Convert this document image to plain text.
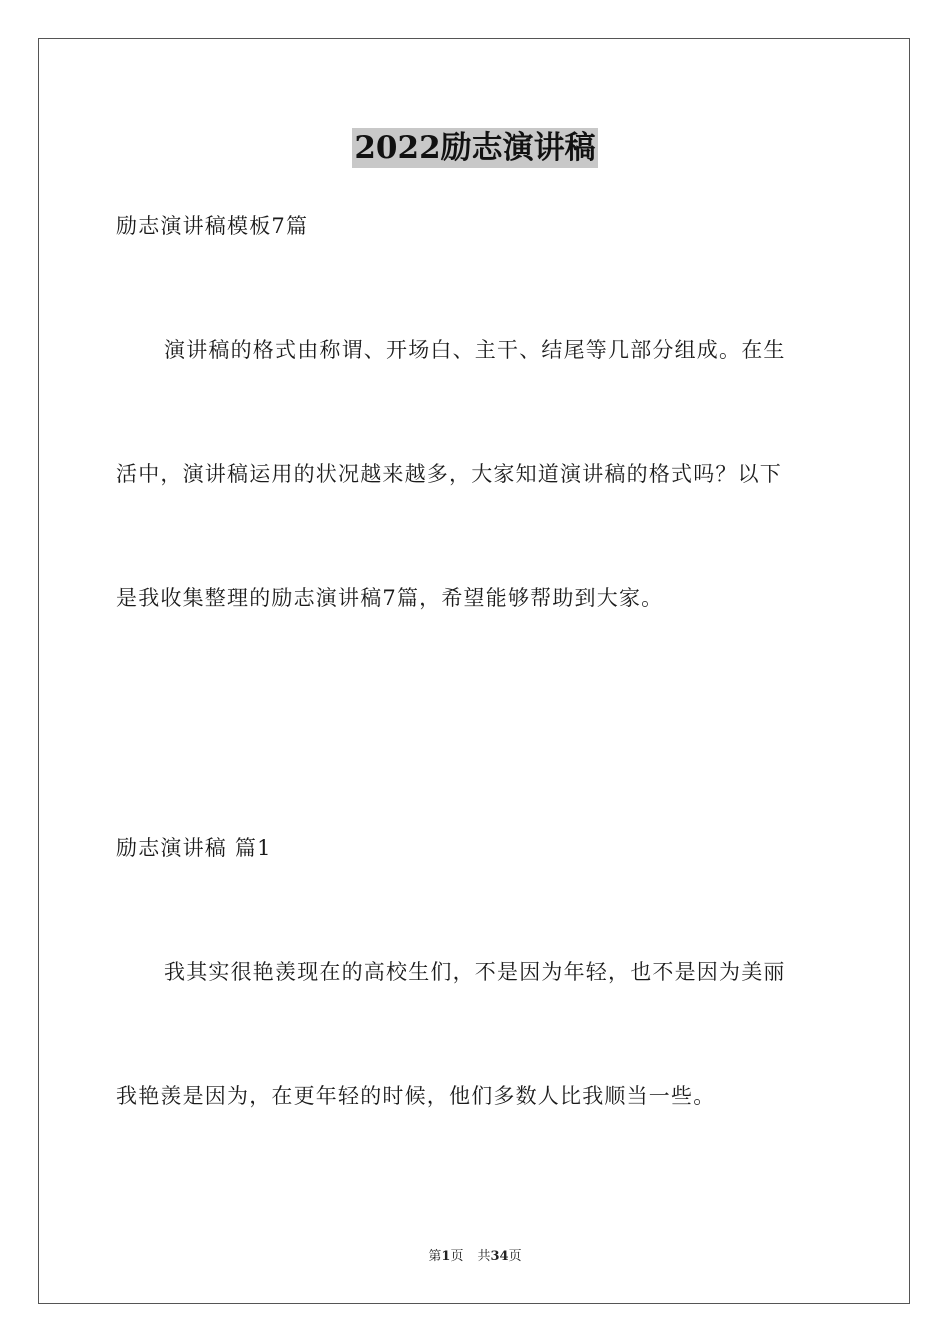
2022励志演讲稿
励志演讲稿模板7篇
演讲稿的格式由称谓、开场白、主干、结尾等几部分组成。在生
活中，演讲稿运用的状况越来越多，大家知道演讲稿的格式吗？以下
是我收集整理的励志演讲稿7篇，希望能够帮助到大家。
励志演讲稿 篇1
我其实很艳羡现在的高校生们，不是因为年轻，也不是因为美丽
我艳羡是因为，在更年轻的时候，他们多数人比我顺当一些。
第1页 共34页
